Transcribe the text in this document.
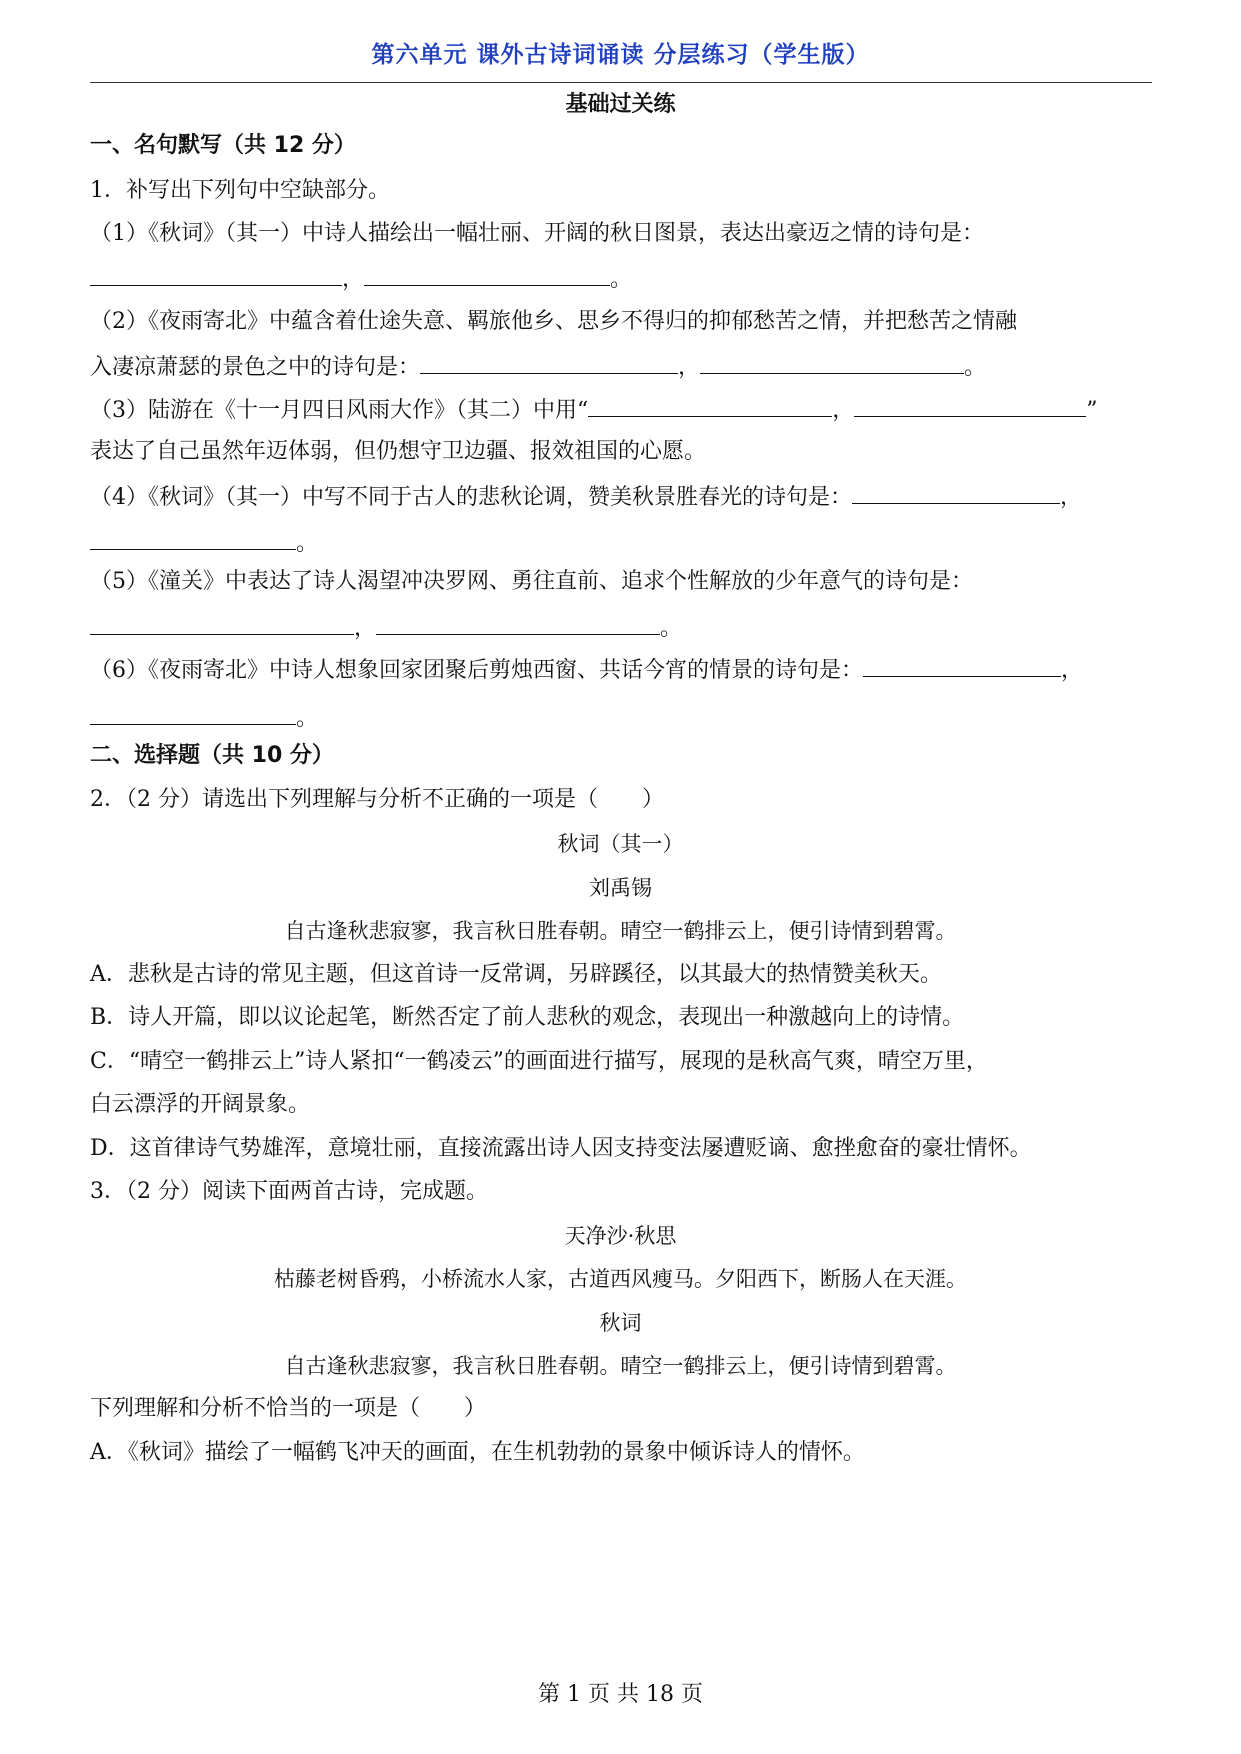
第六单元 课外古诗词诵读 分层练习（学生版）
基础过关练
一、名句默写（共 12 分）
1．补写出下列句中空缺部分。
（1）《秋词》（其一）中诗人描绘出一幅壮丽、开阔的秋日图景，表达出豪迈之情的诗句是：
，	。
（2）《夜雨寄北》中蕴含着仕途失意、羁旅他乡、思乡不得归的抑郁愁苦之情，并把愁苦之情融
入凄凉萧瑟的景色之中的诗句是：	，	。
（3）陆游在《十一月四日风雨大作》（其二）中用“	，	”
表达了自己虽然年迈体弱，但仍想守卫边疆、报效祖国的心愿。
（4）《秋词》（其一）中写不同于古人的悲秋论调，赞美秋景胜春光的诗句是：	，
。
（5）《潼关》中表达了诗人渴望冲决罗网、勇往直前、追求个性解放的少年意气的诗句是：
，	。
（6）《夜雨寄北》中诗人想象回家团聚后剪烛西窗、共话今宵的情景的诗句是：	，
。
二、选择题（共 10 分）
2．（2 分）请选出下列理解与分析不正确的一项是（　　）
秋词（其一）
刘禹锡
自古逢秋悲寂寥，我言秋日胜春朝。晴空一鹤排云上，便引诗情到碧霄。
A．悲秋是古诗的常见主题，但这首诗一反常调，另辟蹊径，以其最大的热情赞美秋天。
B．诗人开篇，即以议论起笔，断然否定了前人悲秋的观念，表现出一种激越向上的诗情。
C．“晴空一鹤排云上”诗人紧扣“一鹤凌云”的画面进行描写，展现的是秋高气爽，晴空万里，
白云漂浮的开阔景象。
D．这首律诗气势雄浑，意境壮丽，直接流露出诗人因支持变法屡遭贬谪、愈挫愈奋的豪壮情怀。
3．（2 分）阅读下面两首古诗，完成题。
天净沙·秋思
枯藤老树昏鸦，小桥流水人家，古道西风瘦马。夕阳西下，断肠人在天涯。
秋词
自古逢秋悲寂寥，我言秋日胜春朝。晴空一鹤排云上，便引诗情到碧霄。
下列理解和分析不恰当的一项是（　　）
A．《秋词》描绘了一幅鹤飞冲天的画面，在生机勃勃的景象中倾诉诗人的情怀。
第 1 页 共 18 页
